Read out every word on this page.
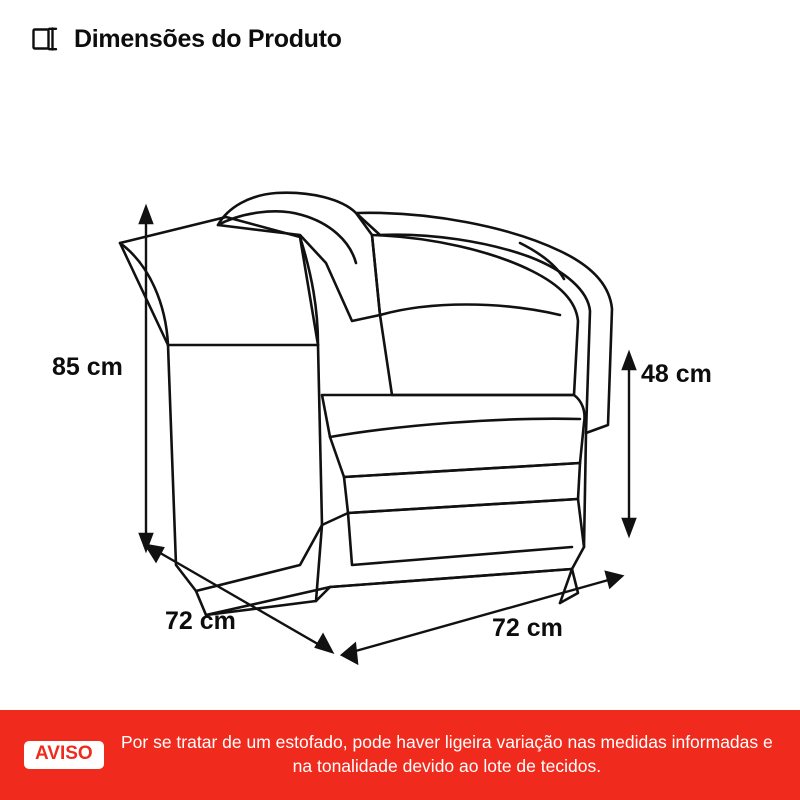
Dimensões do Produto
85 cm	48 cm
72 cm	72 cm
AVISO
Por se tratar de um estofado, pode haver ligeira variação nas medidas informadas e na tonalidade devido ao lote de tecidos.
